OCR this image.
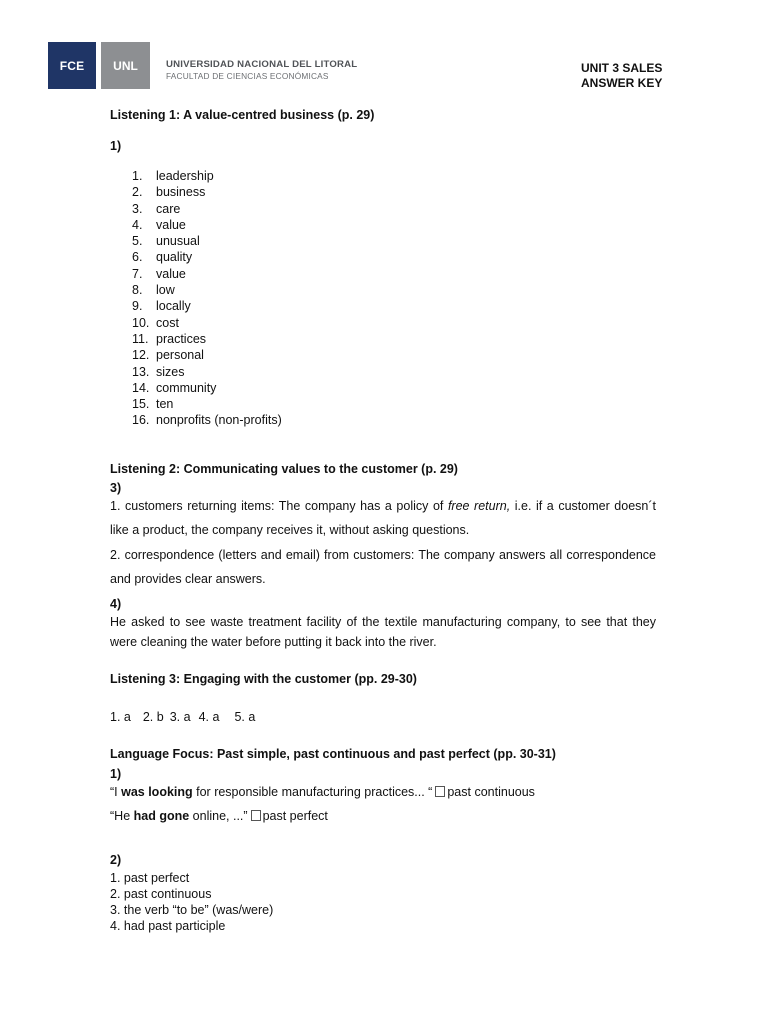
FCE	UNL	UNIVERSIDAD NACIONAL DEL LITORAL
FACULTAD DE CIENCIAS ECONÓMICAS
UNIT 3 SALES
ANSWER KEY
Listening 1: A value-centred business (p. 29)
1)
1.	leadership
2.	business
3.	care
4.	value
5.	unusual
6.	quality
7.	value
8.	low
9.	locally
10. cost
11. practices
12. personal
13. sizes
14. community
15. ten
16. nonprofits (non-profits)
Listening 2: Communicating values to the customer (p. 29)
3)
1. customers returning items: The company has a policy of free return, i.e. if a customer doesn´t like a product, the company receives it, without asking questions.
2. correspondence (letters and email) from customers: The company answers all correspondence and provides clear answers.
4)
He asked to see waste treatment facility of the textile manufacturing company, to see that they were cleaning the water before putting it back into the river.
Listening 3: Engaging with the customer (pp. 29-30)
1. a 2. b 3. a 4. a 5. a
Language Focus: Past simple, past continuous and past perfect (pp. 30-31)
1)
“I was looking for responsible manufacturing practices... “ past continuous
“He had gone online, ...” past perfect
2)
1. past perfect
2. past continuous
3. the verb “to be” (was/were)
4. had past participle
